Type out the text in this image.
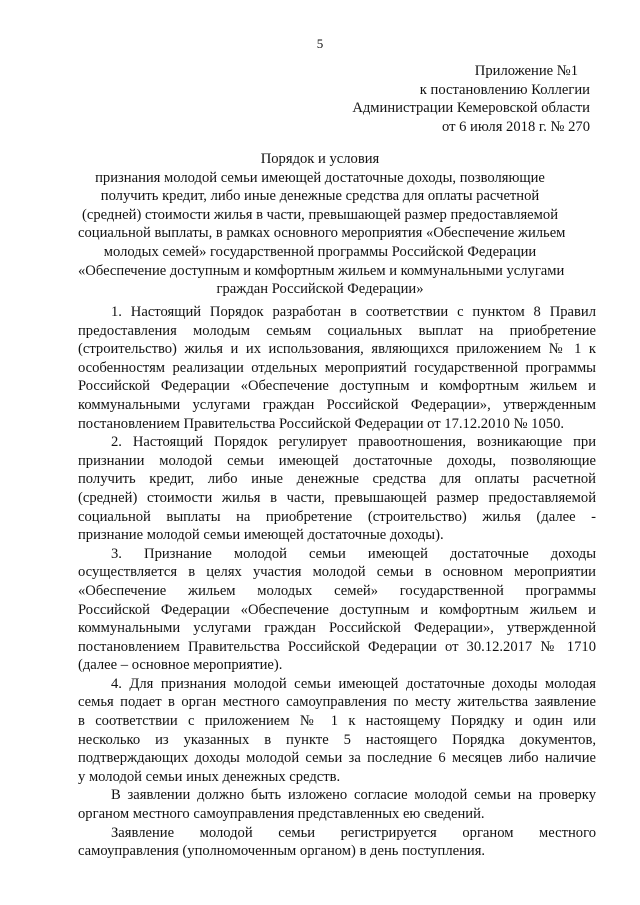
5
Приложение №1
к постановлению Коллегии
Администрации Кемеровской области
от 6 июля 2018 г. № 270
Порядок и условия
признания молодой семьи имеющей достаточные доходы, позволяющие
получить кредит, либо иные денежные средства для оплаты расчетной
(средней) стоимости жилья в части, превышающей размер предоставляемой
социальной выплаты, в рамках основного мероприятия «Обеспечение жильем
молодых семей» государственной программы Российской Федерации
«Обеспечение доступным и комфортным жильем и коммунальными услугами
граждан Российской Федерации»
1. Настоящий Порядок разработан в соответствии с пунктом 8 Правил
предоставления молодым семьям социальных выплат на приобретение
(строительство) жилья и их использования, являющихся приложением № 1 к
особенностям реализации отдельных мероприятий государственной программы
Российской Федерации «Обеспечение доступным и комфортным жильем и
коммунальными услугами граждан Российской Федерации», утвержденным
постановлением Правительства Российской Федерации от 17.12.2010 № 1050.
2. Настоящий Порядок регулирует правоотношения, возникающие при
признании молодой семьи имеющей достаточные доходы, позволяющие
получить кредит, либо иные денежные средства для оплаты расчетной
(средней) стоимости жилья в части, превышающей размер предоставляемой
социальной выплаты на приобретение (строительство) жилья (далее -
признание молодой семьи имеющей достаточные доходы).
3. Признание молодой семьи имеющей достаточные доходы
осуществляется в целях участия молодой семьи в основном мероприятии
«Обеспечение жильем молодых семей» государственной программы
Российской Федерации «Обеспечение доступным и комфортным жильем и
коммунальными услугами граждан Российской Федерации», утвержденной
постановлением Правительства Российской Федерации от 30.12.2017 № 1710
(далее – основное мероприятие).
4. Для признания молодой семьи имеющей достаточные доходы молодая
семья подает в орган местного самоуправления по месту жительства заявление
в соответствии с приложением № 1 к настоящему Порядку и один или
несколько из указанных в пункте 5 настоящего Порядка документов,
подтверждающих доходы молодой семьи за последние 6 месяцев либо наличие
у молодой семьи иных денежных средств.
В заявлении должно быть изложено согласие молодой семьи на проверку
органом местного самоуправления представленных ею сведений.
Заявление молодой семьи регистрируется органом местного
самоуправления (уполномоченным органом) в день поступления.
